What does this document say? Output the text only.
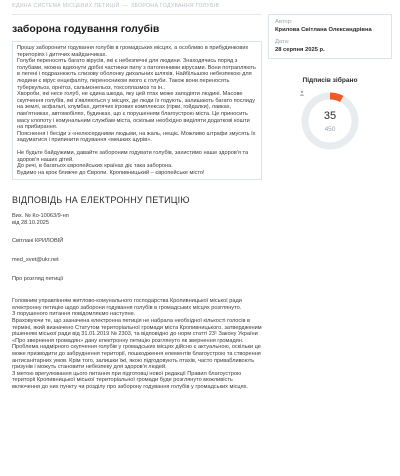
ЄДИНА СИСТЕМА МІСЦЕВИХ ПЕТИЦІЙ — ЗБОРОНА ГОДУВАННЯ ГОЛУБІВ
заборона годування голубів

Прошу заборонити годування голубів в громадських місцях, а особливо в прибудинкових територіях і дитячих майданчиках.

Голуби переносять багато вірусів, які є небезпечні для людини. Знаходячись поряд з голубами, можна вдихнути дрібні частинки пилу з патогенними вірусами. Вони потрапляють в легені і подразнюють слизову оболонку дихальних шляхів. Найбільшою небезпекою для людини є вірус енцефаліту, переносником якого є голуби. Також вони переносять туберкульоз, орнітоз, сальмонельоз, токсоплазмоз та ін..

Хвороби, які несе голуб, не єдина шкода, яку цей птах може заподіяти людині. Масове скупчення голубів, які з'являються у місцях, де люди їх годують, залишають багато послиду на землі, асфальті, клумбах, дитячих ігрових комплексах (гірки, гойдалки), лавках, пам'ятниках, автомобілях, будинках, що є порушенням благоустрою міста. Це приносить масу клопоту і комунальним службам міста, оскільки необхідно виділяти додаткові кошти на прибирання.

Пояснення і бесіди з «нелюсердними людьми, на жаль, нещіє. Можливо штрафи змусять їх задуматися і припинити годування «мешких щурів».

Не будьте байдужими, давайте забороним годувати голубів, захистимо наше здоров'я та здоров'я наших дітей.

До речі, в багатьох європейських країнах діє така заборона.

Будимо на крок ближче до Європи. Кропивницький – європейське місто!

ВІДПОВІДЬ НА ЕЛЕКТРОННУ ПЕТИЦІЮ

Вих. № Ко-10063/9-нп

від 28.10.2025

Світлані КРИЛОВІЙ

med_svet@ukr.net

Про розгляд петиції

Головним управлінням житлово-комунального господарства Кропивницької міської ради електронну петицію щодо заборони годування голубів в громадських місцях розглянуто.

З порушеного питання повідомляємо наступне.

Враховуючи те, що зазначена електронна петиція не набрала необхідної кількості голосів в терміні, який визначено Статутом територіальної громади міста Кропивницького, затвердженим рішенням міської ради від 31.01.2019 № 2303, та відповідно до норм статті 23¹ Закону України «Про звернення громадян» дану електронну петицію розглянуто як звернення громадян.

Проблема надмірного скупчення голубів у громадських місцях дійсно є актуальною, оскільки це може призводити до забруднення території, пошкодження елементів благоустрою та створення антисанітарних умов. Крім того, залишки їжі, якою підгодовують птахів, часто привабливоють гризунів і можуть становити небезпеку для здоров'я людей.

З метою врегулювання цього питання при підготовці нової редакції Правил благоустрою території Кропивницької міської територіальної громади буде розглянуто можливість включення до них пункту чи розділу про заборону годування голубів у громадських місцях.

Автор:
Крилова Світлана Олександрівна
Дата:
28 серпня 2025 р.
Підписів зібрано
35
450
